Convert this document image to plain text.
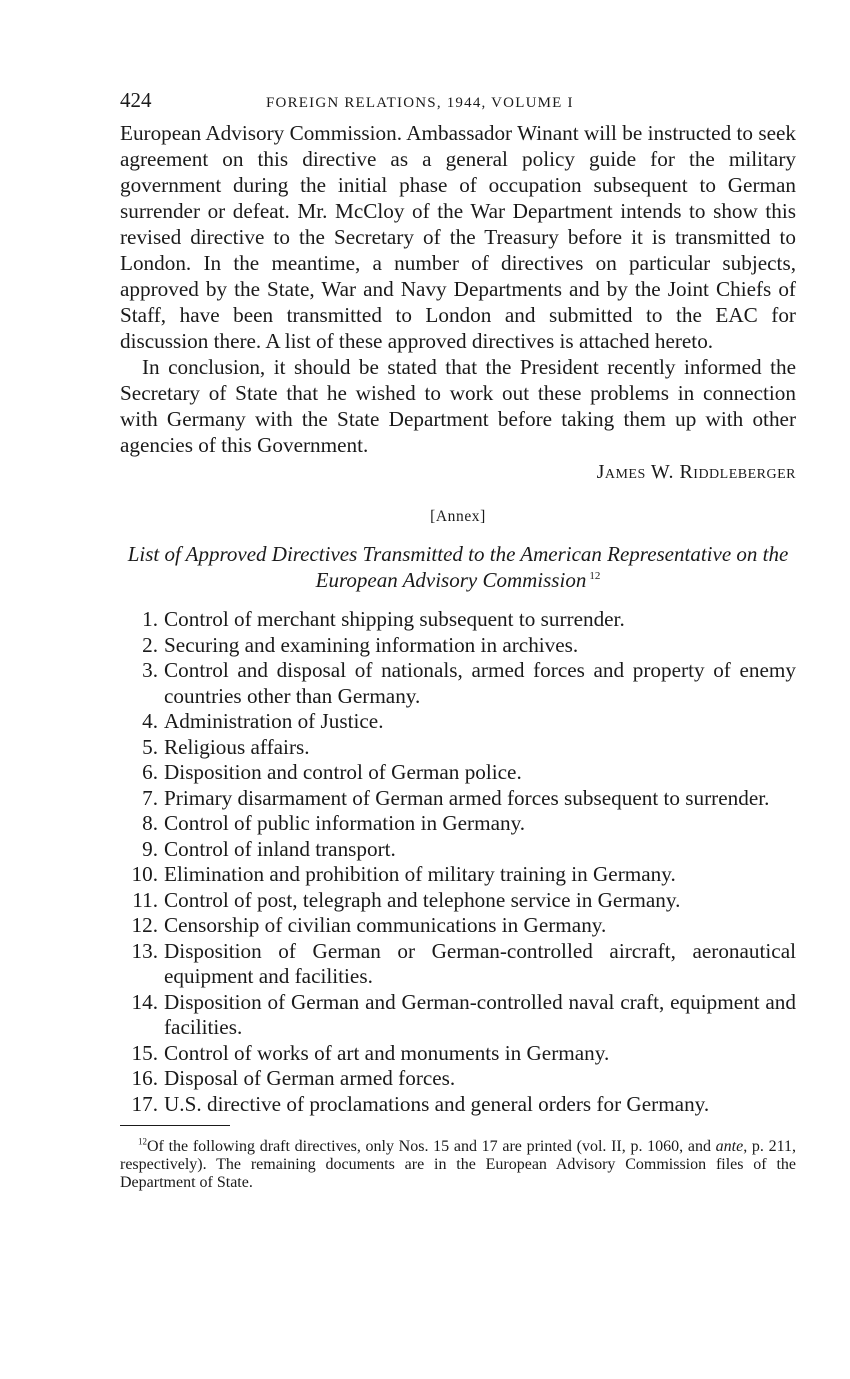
424	FOREIGN RELATIONS, 1944, VOLUME I

European Advisory Commission. Ambassador Winant will be instructed to seek agreement on this directive as a general policy guide for the military government during the initial phase of occupation subsequent to German surrender or defeat. Mr. McCloy of the War Department intends to show this revised directive to the Secretary of the Treasury before it is transmitted to London. In the meantime, a number of directives on particular subjects, approved by the State, War and Navy Departments and by the Joint Chiefs of Staff, have been transmitted to London and submitted to the EAC for discussion there. A list of these approved directives is attached hereto.

In conclusion, it should be stated that the President recently informed the Secretary of State that he wished to work out these problems in connection with Germany with the State Department before taking them up with other agencies of this Government.

James W. Riddleberger
[Annex]
List of Approved Directives Transmitted to the American Representative on the European Advisory Commission $^{12}$
1. Control of merchant shipping subsequent to surrender.
2. Securing and examining information in archives.
3. Control and disposal of nationals, armed forces and property of enemy countries other than Germany.
4. Administration of Justice.
5. Religious affairs.
6. Disposition and control of German police.
7. Primary disarmament of German armed forces subsequent to surrender.
8. Control of public information in Germany.
9. Control of inland transport.
10. Elimination and prohibition of military training in Germany.
11. Control of post, telegraph and telephone service in Germany.
12. Censorship of civilian communications in Germany.
13. Disposition of German or German-controlled aircraft, aeronautical equipment and facilities.
14. Disposition of German and German-controlled naval craft, equipment and facilities.
15. Control of works of art and monuments in Germany.
16. Disposal of German armed forces.
17. U.S. directive of proclamations and general orders for Germany.
$^{12}$Of the following draft directives, only Nos. 15 and 17 are printed (vol. II, p. 1060, and ante, p. 211, respectively). The remaining documents are in the European Advisory Commission files of the Department of State.
